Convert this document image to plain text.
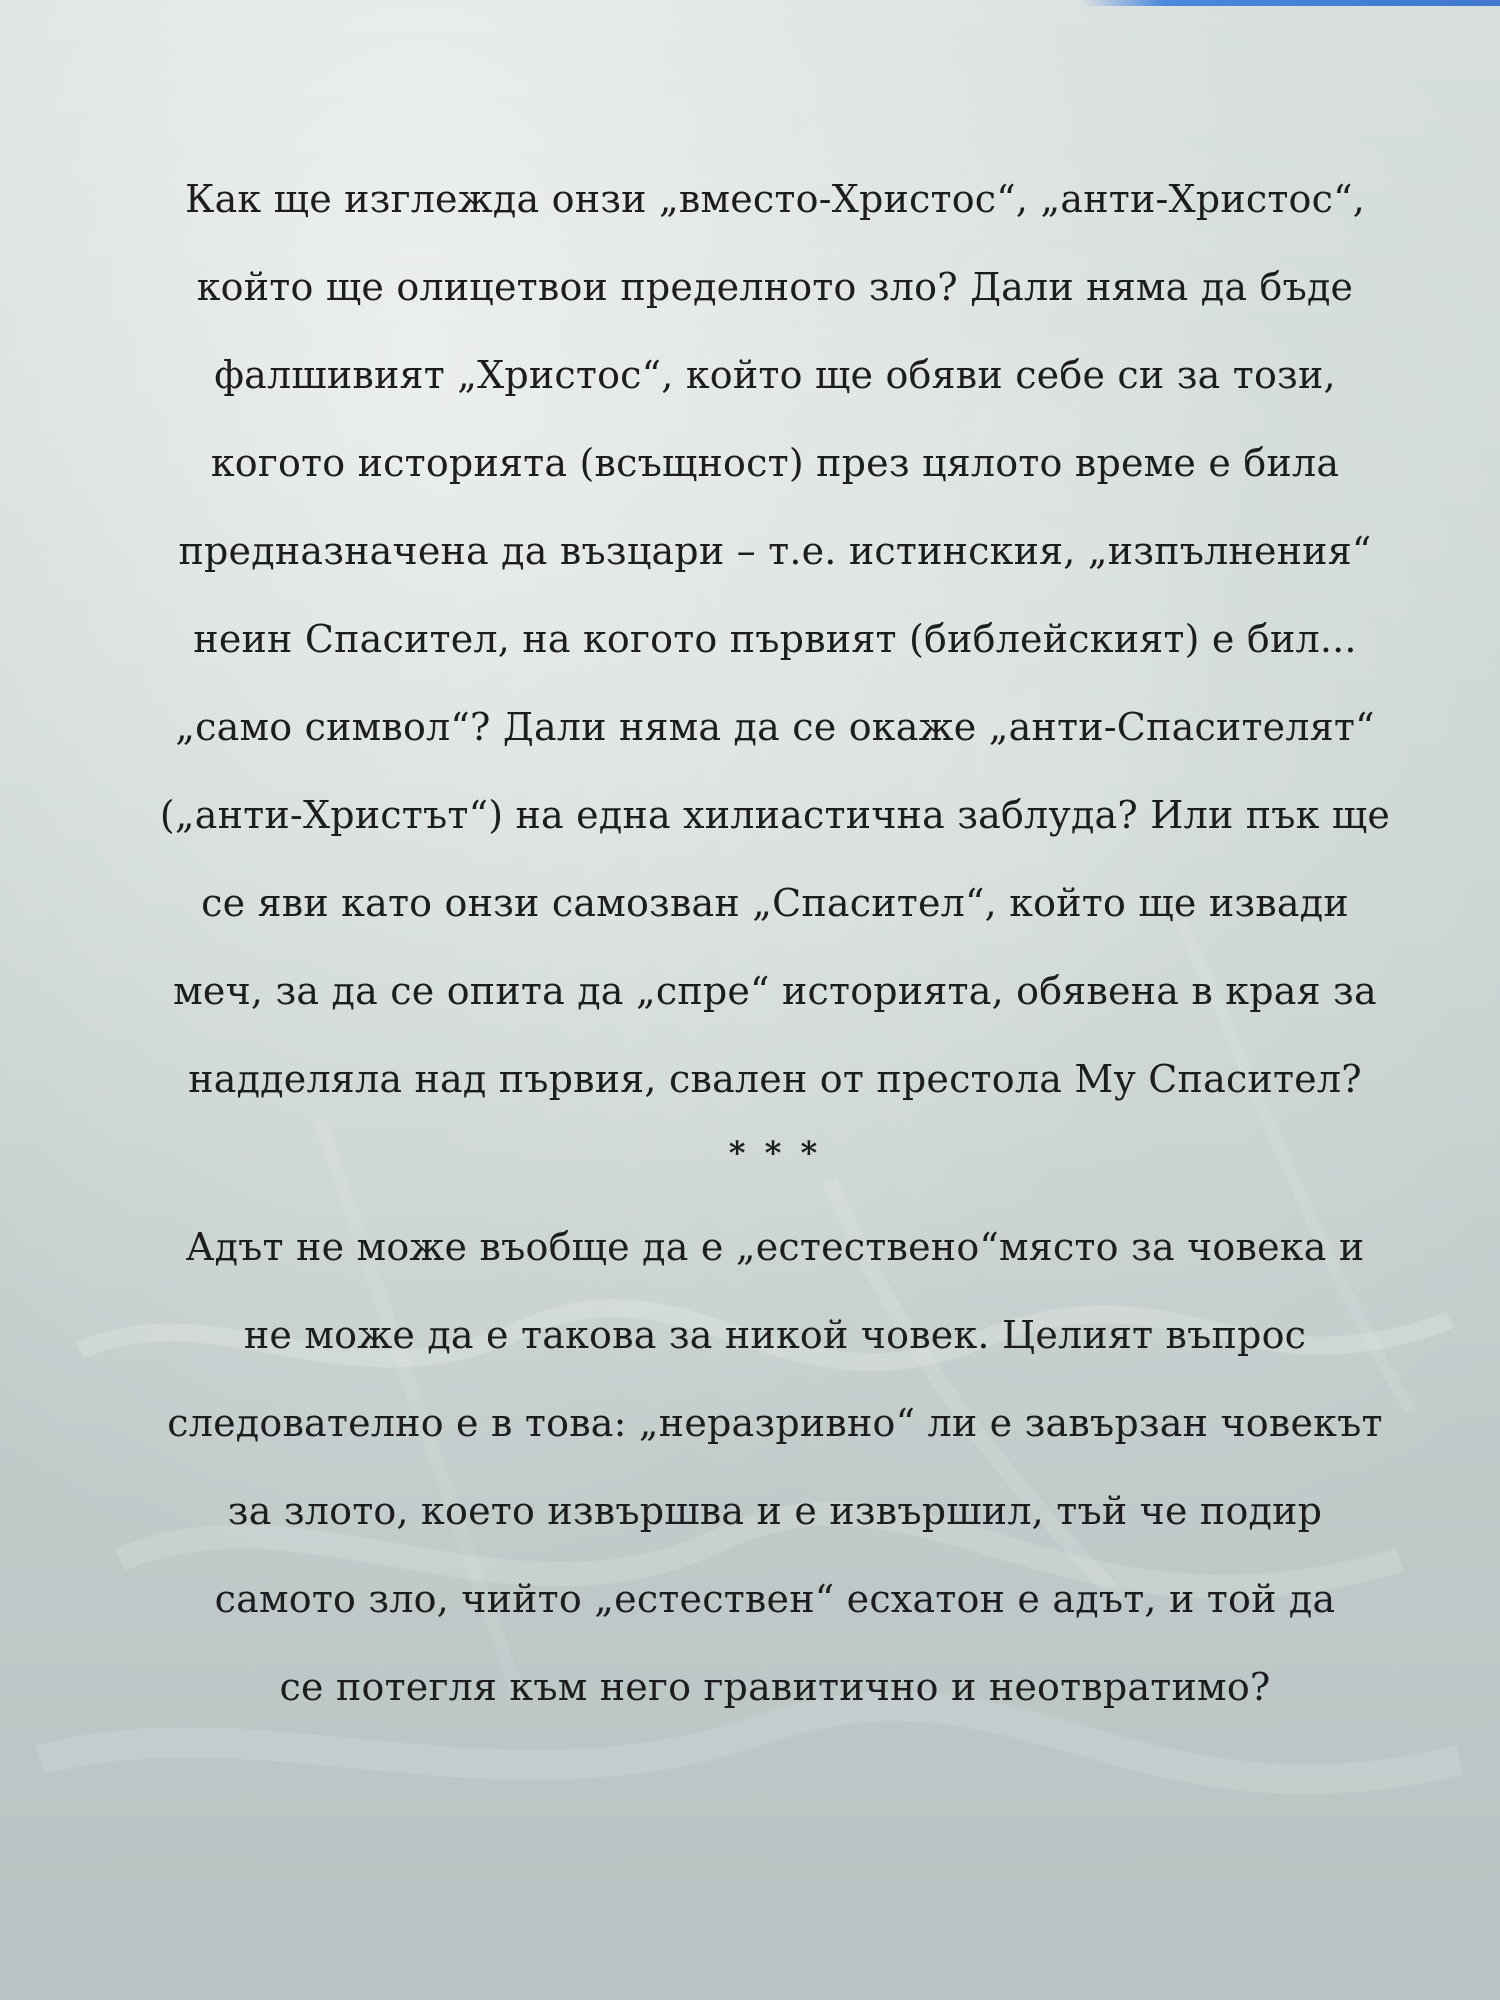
Как ще изглежда онзи „вместо-Христос“, „анти-Христос“,

който ще олицетвои пределното зло? Дали няма да бъде

фалшивият „Христос“, който ще обяви себе си за този,

когото историята (всъщност) през цялото време е била

предназначена да възцари – т.е. истинския, „изпълнения“

неин Спасител, на когото първият (библейският) е бил...

„само символ“? Дали няма да се окаже „анти-Спасителят“

(„анти-Христът“) на една хилиастична заблуда? Или пък ще

се яви като онзи самозван „Спасител“, който ще извади

меч, за да се опита да „спре“ историята, обявена в края за

надделяла над първия, свален от престола Му Спасител?

* * *

Адът не може въобще да е „естествено“място за човека и

не може да е такова за никой човек. Целият въпрос

следователно е в това: „неразривно“ ли е завързан човекът

за злото, което извършва и е извършил, тъй че подир

самото зло, чийто „естествен“ есхатон е адът, и той да

се потегля към него гравитично и неотвратимо?
